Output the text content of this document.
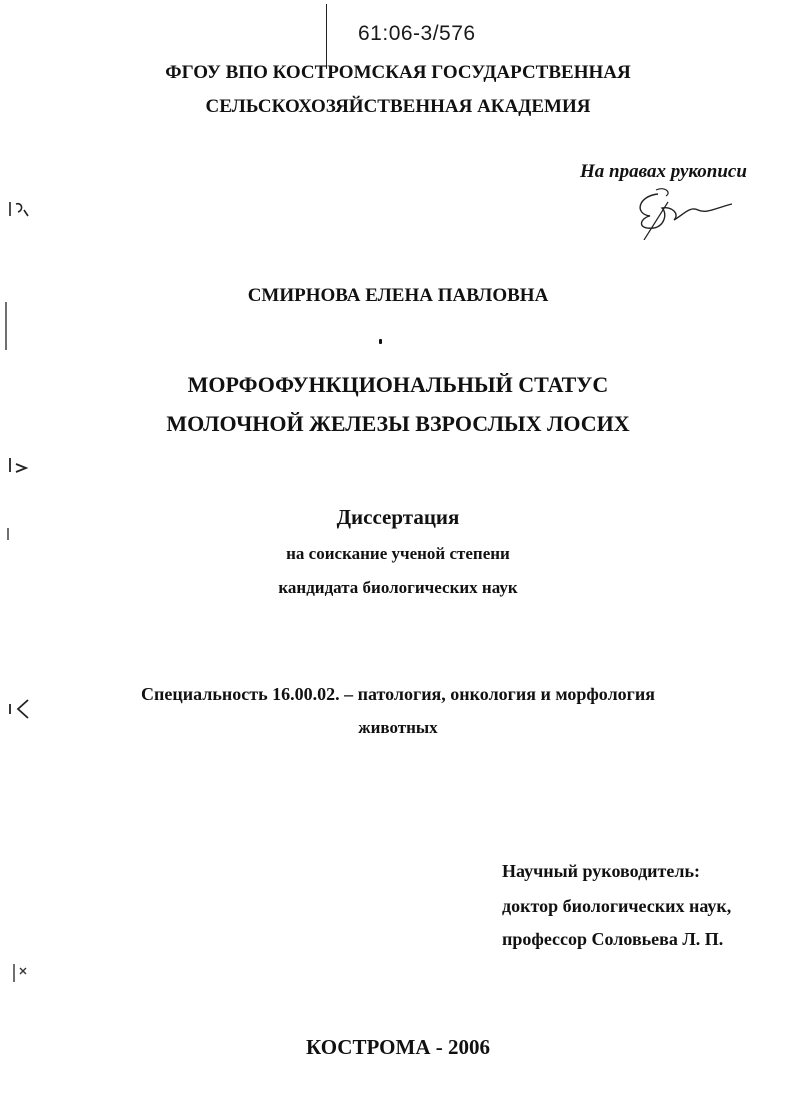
61:06-3/576
ФГОУ ВПО КОСТРОМСКАЯ ГОСУДАРСТВЕННАЯ
СЕЛЬСКОХОЗЯЙСТВЕННАЯ АКАДЕМИЯ
На правах рукописи
СМИРНОВА ЕЛЕНА ПАВЛОВНА
МОРФОФУНКЦИОНАЛЬНЫЙ СТАТУС
МОЛОЧНОЙ ЖЕЛЕЗЫ ВЗРОСЛЫХ ЛОСИХ
Диссертация
на соискание ученой степени
кандидата биологических наук
Специальность 16.00.02. – патология, онкология и морфология
животных
Научный руководитель:
доктор биологических наук,
профессор Соловьева Л. П.
КОСТРОМА - 2006
